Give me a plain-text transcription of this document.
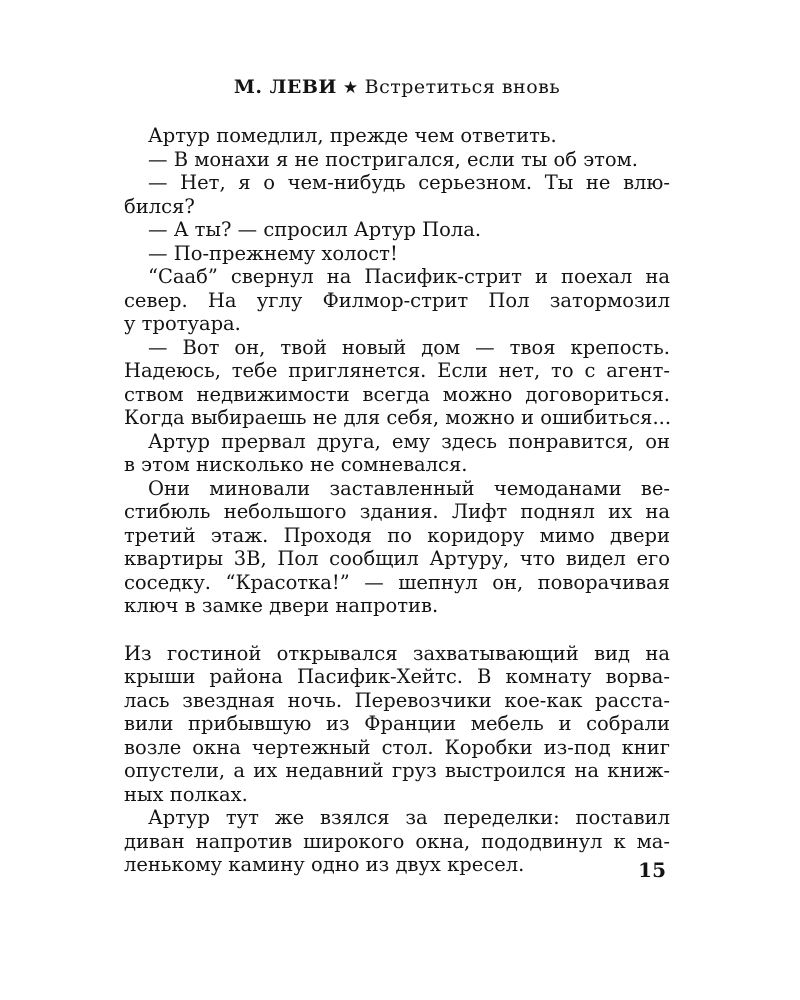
М. ЛЕВИ ★ Встретиться вновь

Артур помедлил, прежде чем ответить.

— В монахи я не постригался, если ты об этом.

— Нет, я о чем-нибудь серьезном. Ты не влю-
бился?

— А ты? — спросил Артур Пола.

— По-прежнему холост!

“Сааб” свернул на Пасифик-стрит и поехал на
север. На углу Филмор-стрит Пол затормозил
у тротуара.

— Вот он, твой новый дом — твоя крепость.
Надеюсь, тебе приглянется. Если нет, то с агент-
ством недвижимости всегда можно договориться.
Когда выбираешь не для себя, можно и ошибиться...

Артур прервал друга, ему здесь понравится, он
в этом нисколько не сомневался.

Они миновали заставленный чемоданами ве-
стибюль небольшого здания. Лифт поднял их на
третий этаж. Проходя по коридору мимо двери
квартиры 3B, Пол сообщил Артуру, что видел его
соседку. “Красотка!” — шепнул он, поворачивая
ключ в замке двери напротив.

Из гостиной открывался захватывающий вид на
крыши района Пасифик-Хейтс. В комнату ворва-
лась звездная ночь. Перевозчики кое-как расста-
вили прибывшую из Франции мебель и собрали
возле окна чертежный стол. Коробки из-под книг
опустели, а их недавний груз выстроился на книж-
ных полках.

Артур тут же взялся за переделки: поставил
диван напротив широкого окна, пододвинул к ма-
ленькому камину одно из двух кресел.	15
